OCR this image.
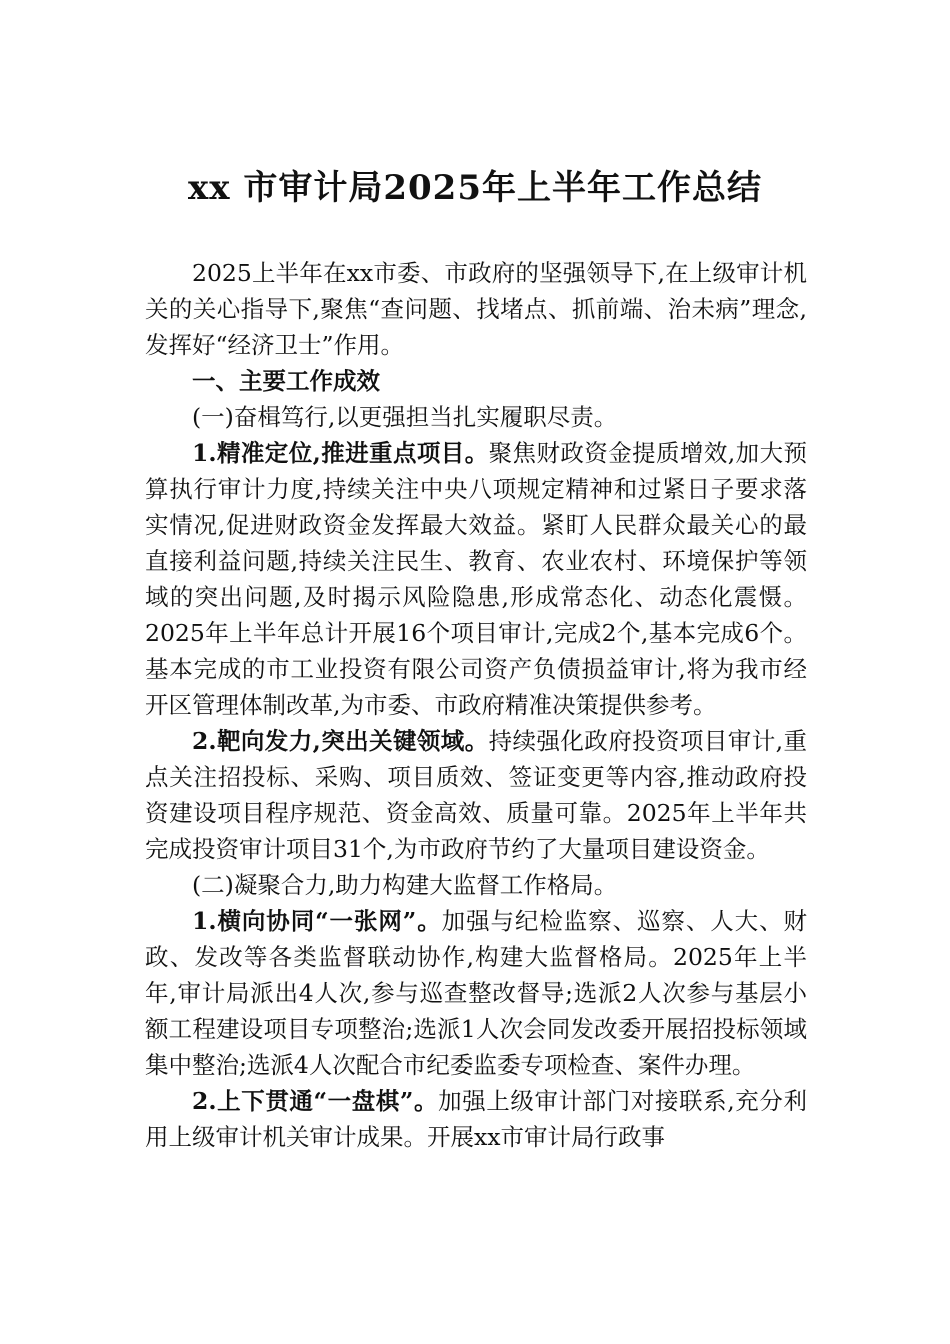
xx 市审计局2025年上半年工作总结

2025上半年在xx市委、市政府的坚强领导下,在上级审计机关的关心指导下,聚焦“查问题、找堵点、抓前端、治未病”理念,发挥好“经济卫士”作用。

一、主要工作成效

(一)奋楫笃行,以更强担当扎实履职尽责。

1.精准定位,推进重点项目。聚焦财政资金提质增效,加大预算执行审计力度,持续关注中央八项规定精神和过紧日子要求落实情况,促进财政资金发挥最大效益。紧盯人民群众最关心的最直接利益问题,持续关注民生、教育、农业农村、环境保护等领域的突出问题,及时揭示风险隐患,形成常态化、动态化震慑。2025年上半年总计开展16个项目审计,完成2个,基本完成6个。基本完成的市工业投资有限公司资产负债损益审计,将为我市经开区管理体制改革,为市委、市政府精准决策提供参考。

2.靶向发力,突出关键领域。持续强化政府投资项目审计,重点关注招投标、采购、项目质效、签证变更等内容,推动政府投资建设项目程序规范、资金高效、质量可靠。2025年上半年共完成投资审计项目31个,为市政府节约了大量项目建设资金。

(二)凝聚合力,助力构建大监督工作格局。

1.横向协同“一张网”。加强与纪检监察、巡察、人大、财政、发改等各类监督联动协作,构建大监督格局。2025年上半年,审计局派出4人次,参与巡查整改督导;选派2人次参与基层小额工程建设项目专项整治;选派1人次会同发改委开展招投标领域集中整治;选派4人次配合市纪委监委专项检查、案件办理。

2.上下贯通“一盘棋”。加强上级审计部门对接联系,充分利用上级审计机关审计成果。开展xx市审计局行政事
